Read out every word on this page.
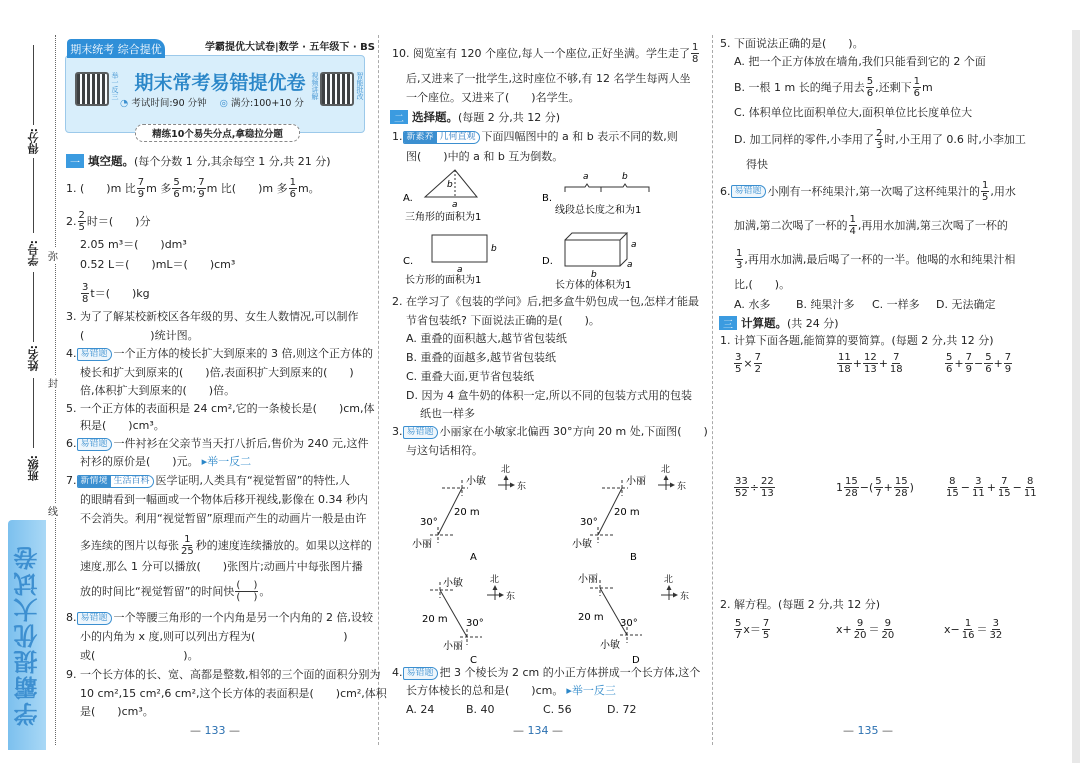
得分:
学号:
姓名:
班级:
弥
封
线
学霸提优大试卷
期末统考 综合提优	学霸提优大试卷|数学 · 五年级下 · BS
举一反三	视频讲解	智能批改
期末常考易错提优卷
◔ 考试时间:90 分钟 ◎ 满分:100+10 分
精练10个易失分点,拿稳拉分题
一 填空题。 (每个分数 1 分,其余每空 1 分,共 21 分)
1. (　　)m 比 $\frac{7}{9}$ m 多 $\frac{5}{6} m$; $\frac{7}{9}$ m 比(　　)m 多 $\frac{1}{6}$ m。
2. $\frac{2}{5}$ 时＝(　　)分
2.05 m³＝(　　)dm³
0.52 L＝(　　)mL＝(　　)cm³
$\frac{3}{8} t=$(　　)kg
3. 为了了解某校新校区各年级的男、女生人数情况,可以制作
(　　　　　　)统计图。
4. 易错题 一个正方体的棱长扩大到原来的 3 倍,则这个正方体的
棱长和扩大到原来的(　　)倍,表面积扩大到原来的(　　)
倍,体积扩大到原来的(　　)倍。
5. 一个正方体的表面积是 24 cm²,它的一条棱长是(　　)cm,体
积是(　　)cm³。
6. 易错题 一件衬衫在父亲节当天打八折后,售价为 240 元,这件
衬衫的原价是(　　)元。 ▸举一反二
7. 新情境 生活百科 医学证明,人类具有“视觉暂留”的特性,人
的眼睛看到一幅画或一个物体后移开视线,影像在 0.34 秒内
不会消失。利用“视觉暂留”原理而产生的动画片一般是由许
多连续的图片以每张 $\frac{1}{25}$ 秒的速度连续播放的。如果以这样的
速度,那么 1 分可以播放(　　)张图片;动画片中每张图片播
放的时间比“视觉暂留”的时间快 $\frac{( )}{( )}$ 。
8. 易错题 一个等腰三角形的一个内角是另一个内角的 2 倍,设较
小的内角为 x 度,则可以列出方程为(　　　　　　　　)
或(　　　　　　　　)。
9. 一个长方体的长、宽、高都是整数,相邻的三个面的面积分别为
10 cm²,15 cm²,6 cm²,这个长方体的表面积是(　　)cm²,体积
是(　　)cm³。
— 133 —
10. 阅览室有 120 个座位,每人一个座位,正好坐满。学生走了 $\frac{1}{8}$
后,又进来了一批学生,这时座位不够,有 12 名学生每两人坐
一个座位。又进来了(　　)名学生。
二 选择题。 (每题 2 分,共 12 分)
1. 新素养 几何直观 下面四幅图中的 a 和 b 表示不同的数,则
图(　　)中的 a 和 b 互为倒数。
A.
b
a
三角形的面积为1
B.
a	b
线段总长度之和为1
C.
b
a
长方形的面积为1
D.
a
a
b
长方体的体积为1
2. 在学习了《包装的学问》后,把多盒牛奶包成一包,怎样才能最
节省包装纸? 下面说法正确的是(　　)。
A. 重叠的面积越大,越节省包装纸
B. 重叠的面越多,越节省包装纸
C. 重叠大面,更节省包装纸
D. 因为 4 盒牛奶的体积一定,所以不同的包装方式用的包装
纸也一样多
3. 易错题 小丽家在小敏家北偏西 30°方向 20 m 处,下面图(　　)
与这句话相符。
小敏
小丽
20 m
30°
北
东
A
小丽
小敏
20 m
30°
北
东
B
小敏
小丽
20 m 30°
北
东
C
小丽
小敏
20 m
30°
北
东
D
4. 易错题 把 3 个棱长为 2 cm 的小正方体拼成一个长方体,这个
长方体棱长的总和是(　　)cm。 ▸举一反三
A. 24	B. 40	C. 56	D. 72
— 134 —
5. 下面说法正确的是(　　)。
A. 把一个正方体放在墙角,我们只能看到它的 2 个面
B. 一根 1 m 长的绳子用去 $\frac{5}{6}$ ,还剩下 $\frac{1}{6}$ m
C. 体积单位比面积单位大,面积单位比长度单位大
D. 加工同样的零件,小李用了 $\frac{2}{3}$ 时,小王用了 0.6 时,小李加工
得快
6. 易错题 小刚有一杯纯果汁,第一次喝了这杯纯果汁的 $\frac{1}{5}$ ,用水
加满,第二次喝了一杯的 $\frac{1}{4}$ ,再用水加满,第三次喝了一杯的
$\frac{1}{3}$ ,再用水加满,最后喝了一杯的一半。他喝的水和纯果汁相
比,(　　)。
A. 水多 B. 纯果汁多 C. 一样多 D. 无法确定
三 计算题。 (共 24 分)
1. 计算下面各题,能简算的要简算。(每题 2 分,共 12 分)
$\frac{3}{5} \times \frac{7}{2}$	$\frac{11}{18} + \frac{12}{13} + \frac{7}{18}$	$\frac{5}{6} + \frac{7}{9} - \frac{5}{6} + \frac{7}{9}$
$\frac{33}{52} \div \frac{22}{13}$	$1 \frac{15}{28}$ −( $\frac{5}{7} + \frac{15}{28}$ )	$\frac{8}{15} - \frac{3}{11} + \frac{7}{15} - \frac{8}{11}$
2. 解方程。(每题 2 分,共 12 分)
$\frac{5}{7} x= \frac{7}{5}$	$x+ \frac{9}{20} = \frac{9}{20}$	$x- \frac{1}{16} = \frac{3}{32}$
— 135 —
